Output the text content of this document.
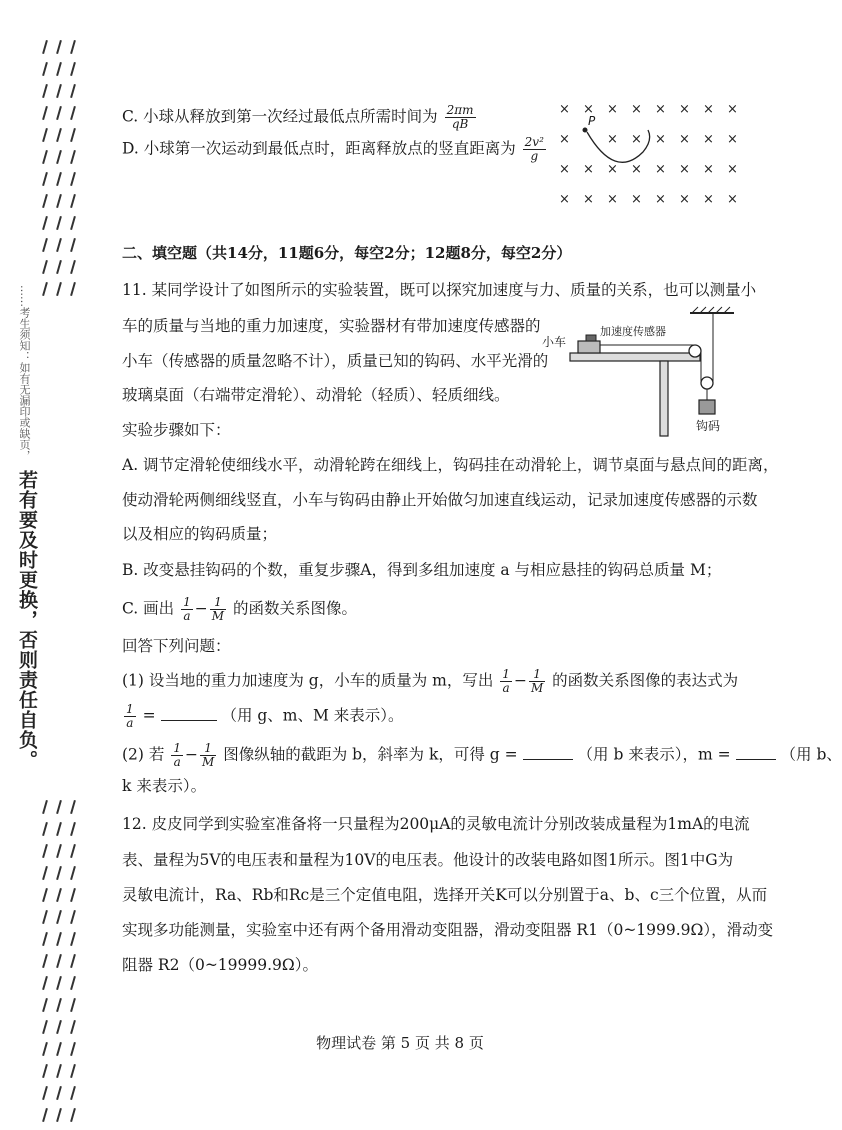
……考生须知：如有无漏印或缺页，
若有要及时更换，否则责任自负。
C. 小球从释放到第一次经过最低点所需时间为 $\frac{2\pi m}{qB}$
D. 小球第一次运动到最低点时，距离释放点的竖直距离为 $\frac{\text{2v²}}{g}$
P
× × × × × × × ×
×	× × × × × ×
× × × × × × × ×
× × × × × × × ×
二、填空题（共14分，11题6分，每空2分；12题8分，每空2分）
11. 某同学设计了如图所示的实验装置，既可以探究加速度与力、质量的关系，也可以测量小
车的质量与当地的重力加速度，实验器材有带加速度传感器的
小车（传感器的质量忽略不计），质量已知的钩码、水平光滑的
玻璃桌面（右端带定滑轮）、动滑轮（轻质）、轻质细线。
实验步骤如下：
小车
加速度传感器
钩码
A. 调节定滑轮使细线水平，动滑轮跨在细线上，钩码挂在动滑轮上，调节桌面与悬点间的距离，
使动滑轮两侧细线竖直，小车与钩码由静止开始做匀加速直线运动，记录加速度传感器的示数
以及相应的钩码质量；
B. 改变悬挂钩码的个数，重复步骤A，得到多组加速度 a 与相应悬挂的钩码总质量 M；
C. 画出 $\frac{1}{a} - \frac{1}{M}$ 的函数关系图像。
回答下列问题：
(1) 设当地的重力加速度为 g，小车的质量为 m，写出 $\frac{1}{a} - \frac{1}{M}$ 的函数关系图像的表达式为
$\frac{1}{a}$ =	（用 g、m、M 来表示）。
(2) 若 $\frac{1}{a} - \frac{1}{M}$ 图像纵轴的截距为 b，斜率为 k，可得 g =	（用 b 来表示），m =	（用 b、
k 来表示）。
12. 皮皮同学到实验室准备将一只量程为200μA的灵敏电流计分别改装成量程为1mA的电流
表、量程为5V的电压表和量程为10V的电压表。他设计的改装电路如图1所示。图1中G为
灵敏电流计，Ra、Rb和Rc是三个定值电阻，选择开关K可以分别置于a、b、c三个位置，从而
实现多功能测量，实验室中还有两个备用滑动变阻器，滑动变阻器 R1（0~1999.9Ω），滑动变
阻器 R2（0~19999.9Ω）。
物理试卷 第 5 页 共 8 页
